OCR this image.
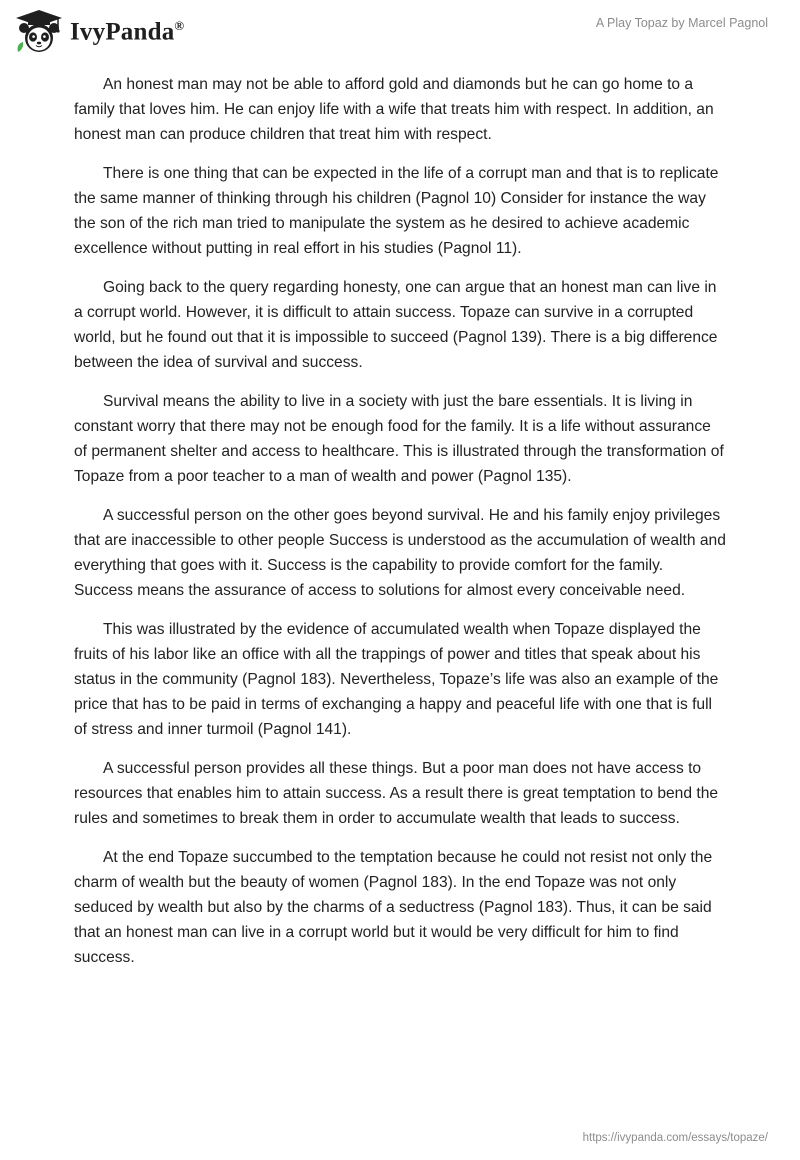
IvyPanda®	A Play Topaz by Marcel Pagnol

An honest man may not be able to afford gold and diamonds but he can go home to a family that loves him. He can enjoy life with a wife that treats him with respect. In addition, an honest man can produce children that treat him with respect.

There is one thing that can be expected in the life of a corrupt man and that is to replicate the same manner of thinking through his children (Pagnol 10) Consider for instance the way the son of the rich man tried to manipulate the system as he desired to achieve academic excellence without putting in real effort in his studies (Pagnol 11).

Going back to the query regarding honesty, one can argue that an honest man can live in a corrupt world. However, it is difficult to attain success. Topaze can survive in a corrupted world, but he found out that it is impossible to succeed (Pagnol 139). There is a big difference between the idea of survival and success.

Survival means the ability to live in a society with just the bare essentials. It is living in constant worry that there may not be enough food for the family. It is a life without assurance of permanent shelter and access to healthcare. This is illustrated through the transformation of Topaze from a poor teacher to a man of wealth and power (Pagnol 135).

A successful person on the other goes beyond survival. He and his family enjoy privileges that are inaccessible to other people Success is understood as the accumulation of wealth and everything that goes with it. Success is the capability to provide comfort for the family. Success means the assurance of access to solutions for almost every conceivable need.

This was illustrated by the evidence of accumulated wealth when Topaze displayed the fruits of his labor like an office with all the trappings of power and titles that speak about his status in the community (Pagnol 183). Nevertheless, Topaze’s life was also an example of the price that has to be paid in terms of exchanging a happy and peaceful life with one that is full of stress and inner turmoil (Pagnol 141).

A successful person provides all these things. But a poor man does not have access to resources that enables him to attain success. As a result there is great temptation to bend the rules and sometimes to break them in order to accumulate wealth that leads to success.

At the end Topaze succumbed to the temptation because he could not resist not only the charm of wealth but the beauty of women (Pagnol 183). In the end Topaze was not only seduced by wealth but also by the charms of a seductress (Pagnol 183). Thus, it can be said that an honest man can live in a corrupt world but it would be very difficult for him to find success.

https://ivypanda.com/essays/topaze/
